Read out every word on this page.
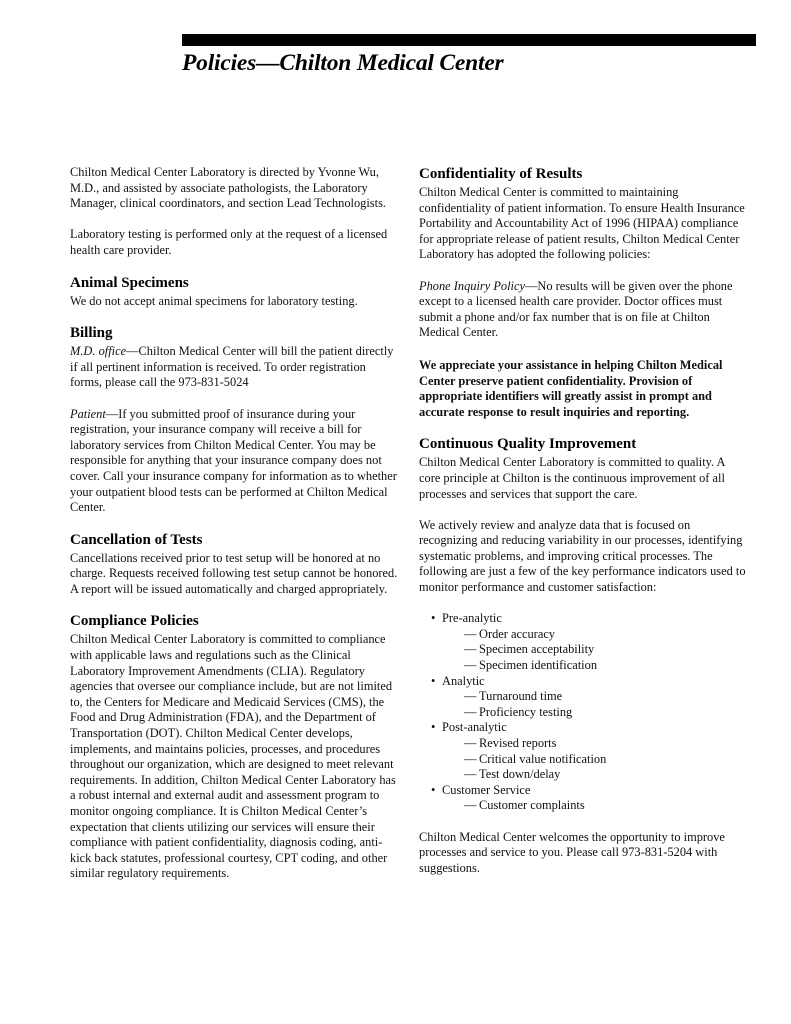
Policies—Chilton Medical Center

Chilton Medical Center Laboratory is directed by Yvonne Wu, M.D., and assisted by associate pathologists, the Laboratory Manager, clinical coordinators, and section Lead Technologists.

Laboratory testing is performed only at the request of a licensed health care provider.

Animal Specimens

We do not accept animal specimens for laboratory testing.

Billing

M.D. office—Chilton Medical Center will bill the patient directly if all pertinent information is received. To order registration forms, please call the 973-831-5024

Patient—If you submitted proof of insurance during your registration, your insurance company will receive a bill for laboratory services from Chilton Medical Center. You may be responsible for anything that your insurance company does not cover. Call your insurance company for information as to whether your outpatient blood tests can be performed at Chilton Medical Center.

Cancellation of Tests

Cancellations received prior to test setup will be honored at no charge. Requests received following test setup cannot be honored. A report will be issued automatically and charged appropriately.

Compliance Policies

Chilton Medical Center Laboratory is committed to compliance with applicable laws and regulations such as the Clinical Laboratory Improvement Amendments (CLIA). Regulatory agencies that oversee our compliance include, but are not limited to, the Centers for Medicare and Medicaid Services (CMS), the Food and Drug Administration (FDA), and the Department of Transportation (DOT). Chilton Medical Center develops, implements, and maintains policies, processes, and procedures throughout our organization, which are designed to meet relevant requirements. In addition, Chilton Medical Center Laboratory has a robust internal and external audit and assessment program to monitor ongoing compliance. It is Chilton Medical Center’s expectation that clients utilizing our services will ensure their compliance with patient confidentiality, diagnosis coding, anti- kick back statutes, professional courtesy, CPT coding, and other similar regulatory requirements.

Confidentiality of Results

Chilton Medical Center is committed to maintaining confidentiality of patient information. To ensure Health Insurance Portability and Accountability Act of 1996 (HIPAA) compliance for appropriate release of patient results, Chilton Medical Center Laboratory has adopted the following policies:

Phone Inquiry Policy—No results will be given over the phone except to a licensed health care provider. Doctor offices must submit a phone and/or fax number that is on file at Chilton Medical Center.

We appreciate your assistance in helping Chilton Medical Center preserve patient confidentiality. Provision of appropriate identifiers will greatly assist in prompt and accurate response to result inquiries and reporting.

Continuous Quality Improvement

Chilton Medical Center Laboratory is committed to quality. A core principle at Chilton is the continuous improvement of all processes and services that support the care.

We actively review and analyze data that is focused on recognizing and reducing variability in our processes, identifying systematic problems, and improving critical processes. The following are just a few of the key performance indicators used to monitor performance and customer satisfaction:

• Pre-analytic
— Order accuracy
— Specimen acceptability
— Specimen identification
• Analytic
— Turnaround time
— Proficiency testing
• Post-analytic
— Revised reports
— Critical value notification
— Test down/delay
• Customer Service
— Customer complaints

Chilton Medical Center welcomes the opportunity to improve processes and service to you. Please call 973-831-5204 with suggestions.
